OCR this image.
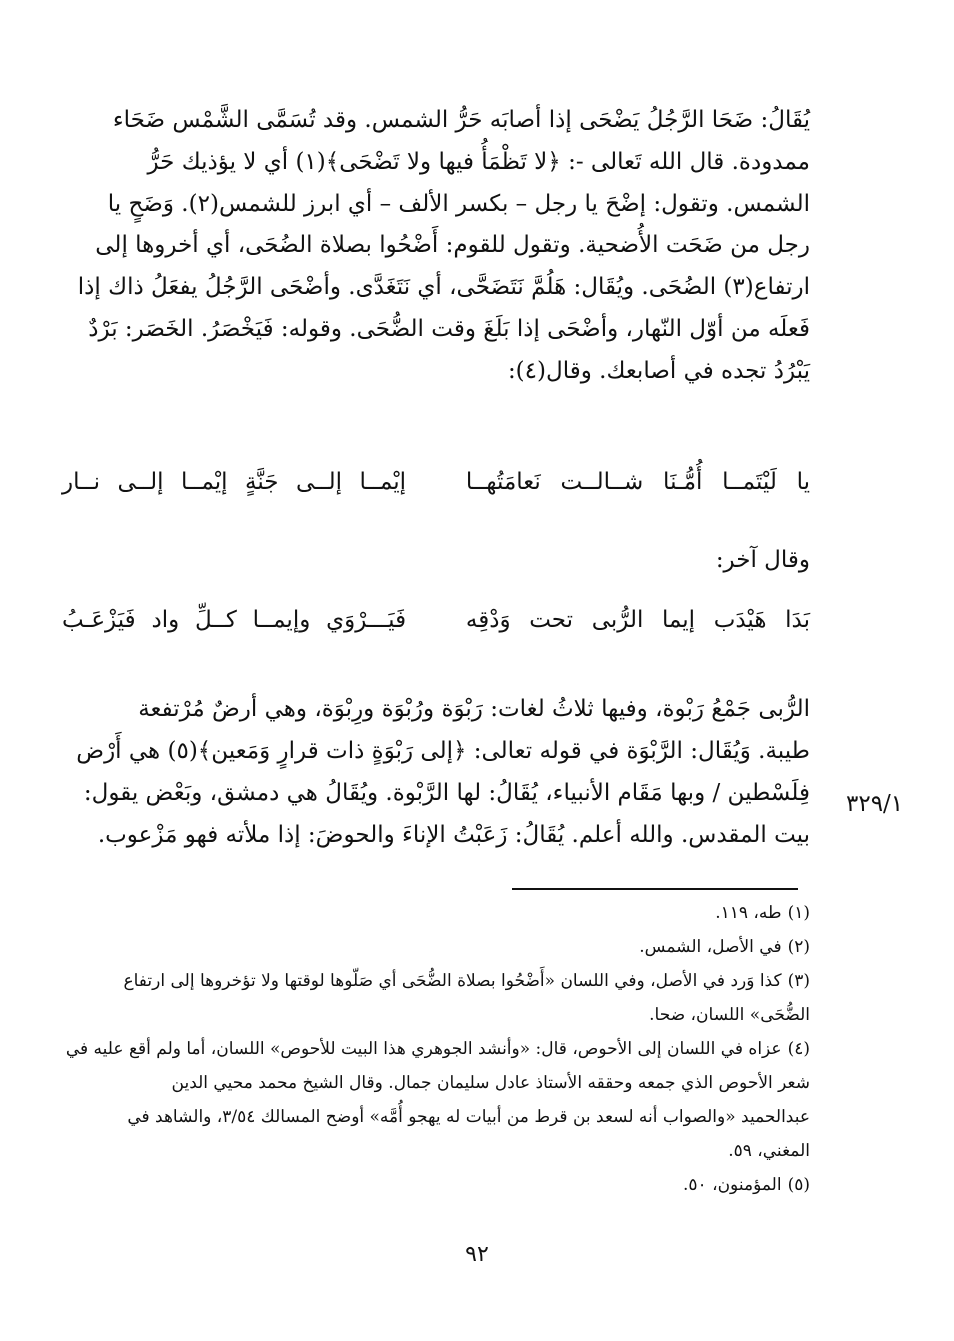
يُقَالُ: ضَحَا الرَّجُلُ يَضْحَى إذا أصابَه حَرُّ الشمس. وقد تُسَمَّى الشَّمْس ضَحَاء

ممدودة. قال الله تَعالى -: ﴿لا تَظْمَأُ فيها ولا تَضْحَى﴾(١) أي لا يؤذيك حَرُّ

الشمس. وتقول: إضْحَ يا رجل – بكسر الألف – أي ابرز للشمس(٢). وَضَحٍ يا

رجل من ضَحَت الأُضحية. وتقول للقوم: أَضْحُوا بصلاة الضُحَى، أي أخروها إلى

ارتفاع(٣) الضُحَى. ويُقَال: هَلُمَّ نَتَضَحَّى، أي نَتَغَدَّى. وأضْحَى الرَّجُلُ يفعَلُ ذاك إذا

فَعلَه من أوّل النّهار، وأضْحَى إذا بَلَغَ وقت الضُّحَى. وقوله: فَيَخْصَرُ. الخَصَر: بَرْدٌ

يَبْرُدُ تجده في أصابعك. وقال(٤):

يا لَيْتَمــا أُمُّـنَا شــالــت نَعامَتُهــا
إيْمــا إلــى جَنَّةٍ إيْمــا إلــى نــار
وقال آخر:
بَدَا هَيْدَب إيما الرُّبى تحت وَدْقِه
فَيَـــرْوَي وإيمــا كــلِّ واد فَيَزْعَـبُ

الرُّبى جَمْعُ رَبْوة، وفيها ثلاثُ لغات: رَبْوَة ورُبْوَة ورِبْوَة، وهي أرضٌ مُرْتفعة

طيبة. وَيُقَال: الرَّبْوَة في قوله تعالى: ﴿إلى رَبْوَةٍ ذات قرارٍ وَمَعين﴾(٥) هي أَرْض

فِلَسْطين / وبها مَقَام الأنبياء، يُقَالُ: لها الرَّبْوة. ويُقَالُ هي دمشق، وبَعْض يقول:

بيت المقدس. والله أعلم. يُقَالُ: زَعَبْتُ الإناءَ والحوضَ: إذا ملأته فهو مَزْعوب.

٣٢٩/١
(١)طه، ١١٩.
(٢)في الأصل، الشمس.
(٣)كذا وَرد في الأصل، وفي اللسان «أَضْحُوا بصلاة الضُّحَى أي صَلّوها لوقتها ولا تؤخروها إلى ارتفاع
الضُّحَى» اللسان، ضحا.
(٤)عزاه في اللسان إلى الأحوص، قال: «وأنشد الجوهري هذا البيت للأحوص» اللسان، أما ولم أقع عليه في
شعر الأحوص الذي جمعه وحققه الأستاذ عادل سليمان جمال. وقال الشيخ محمد محيي الدين
عبدالحميد «والصواب أنه لسعد بن قرط من أبيات له يهجو أُمَّه» أوضح المسالك ٣/٥٤، والشاهد في
المغني، ٥٩.
(٥)المؤمنون، ٥٠.
٩٢
